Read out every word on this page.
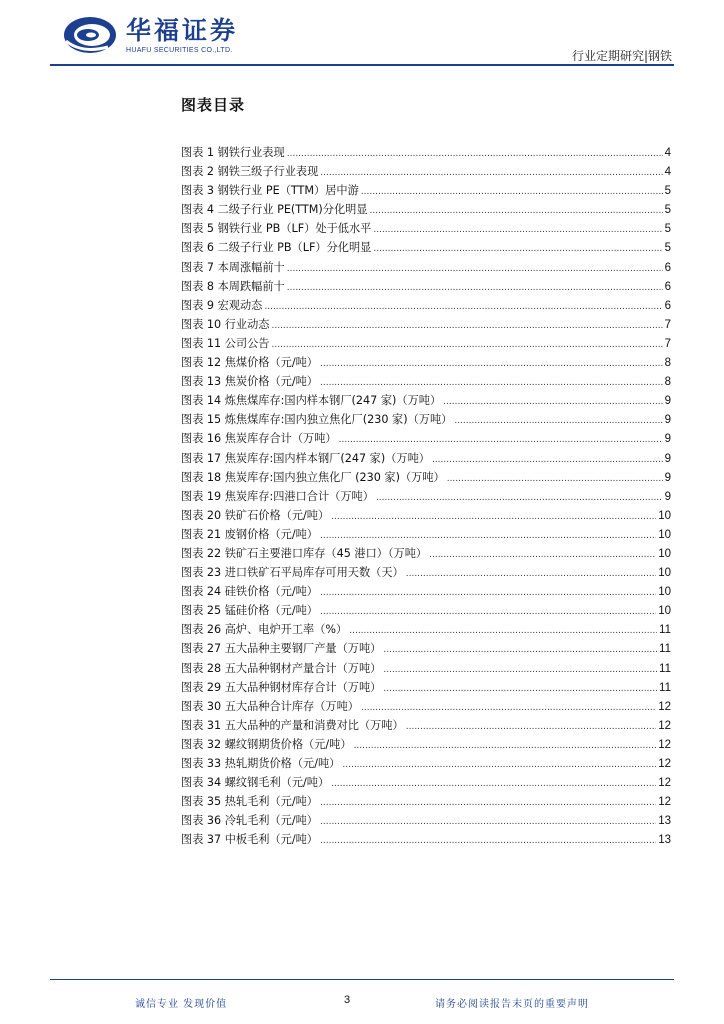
华福证券
HUAFU SECURITIES CO.,LTD.	行业定期研究|钢铁
图表目录
图表 1 钢铁行业表现 .....	4
图表 2 钢铁三级子行业表现 .....	4
图表 3 钢铁行业 PE（TTM）居中游 .....	5
图表 4 二级子行业 PE(TTM)分化明显 .....	5
图表 5 钢铁行业 PB（LF）处于低水平 .....	5
图表 6 二级子行业 PB（LF）分化明显 .....	5
图表 7 本周涨幅前十 .....	6
图表 8 本周跌幅前十 .....	6
图表 9 宏观动态 .....	6
图表 10 行业动态 .....	7
图表 11 公司公告 .....	7
图表 12 焦煤价格（元/吨） .....	8
图表 13 焦炭价格（元/吨） .....	8
图表 14 炼焦煤库存:国内样本钢厂(247 家)（万吨） .....	9
图表 15 炼焦煤库存:国内独立焦化厂(230 家)（万吨） .....	9
图表 16 焦炭库存合计（万吨） .....	9
图表 17 焦炭库存:国内样本钢厂(247 家)（万吨） .....	9
图表 18 焦炭库存:国内独立焦化厂 (230 家)（万吨） .....	9
图表 19 焦炭库存:四港口合计（万吨） .....	9
图表 20 铁矿石价格（元/吨） .....	10
图表 21 废钢价格（元/吨） .....	10
图表 22 铁矿石主要港口库存（45 港口）（万吨） .....	10
图表 23 进口铁矿石平局库存可用天数（天） .....	10
图表 24 硅铁价格（元/吨） .....	10
图表 25 锰硅价格（元/吨） .....	10
图表 26 高炉、电炉开工率（%） .....	11
图表 27 五大品种主要钢厂产量（万吨） .....	11
图表 28 五大品种钢材产量合计（万吨） .....	11
图表 29 五大品种钢材库存合计（万吨） .....	11
图表 30 五大品种合计库存（万吨） .....	12
图表 31 五大品种的产量和消费对比（万吨） .....	12
图表 32 螺纹钢期货价格（元/吨） .....	12
图表 33 热轧期货价格（元/吨） .....	12
图表 34 螺纹钢毛利（元/吨） .....	12
图表 35 热轧毛利（元/吨） .....	12
图表 36 冷轧毛利（元/吨） .....	13
图表 37 中板毛利（元/吨） .....	13
诚信专业 发现价值	3	请务必阅读报告末页的重要声明
